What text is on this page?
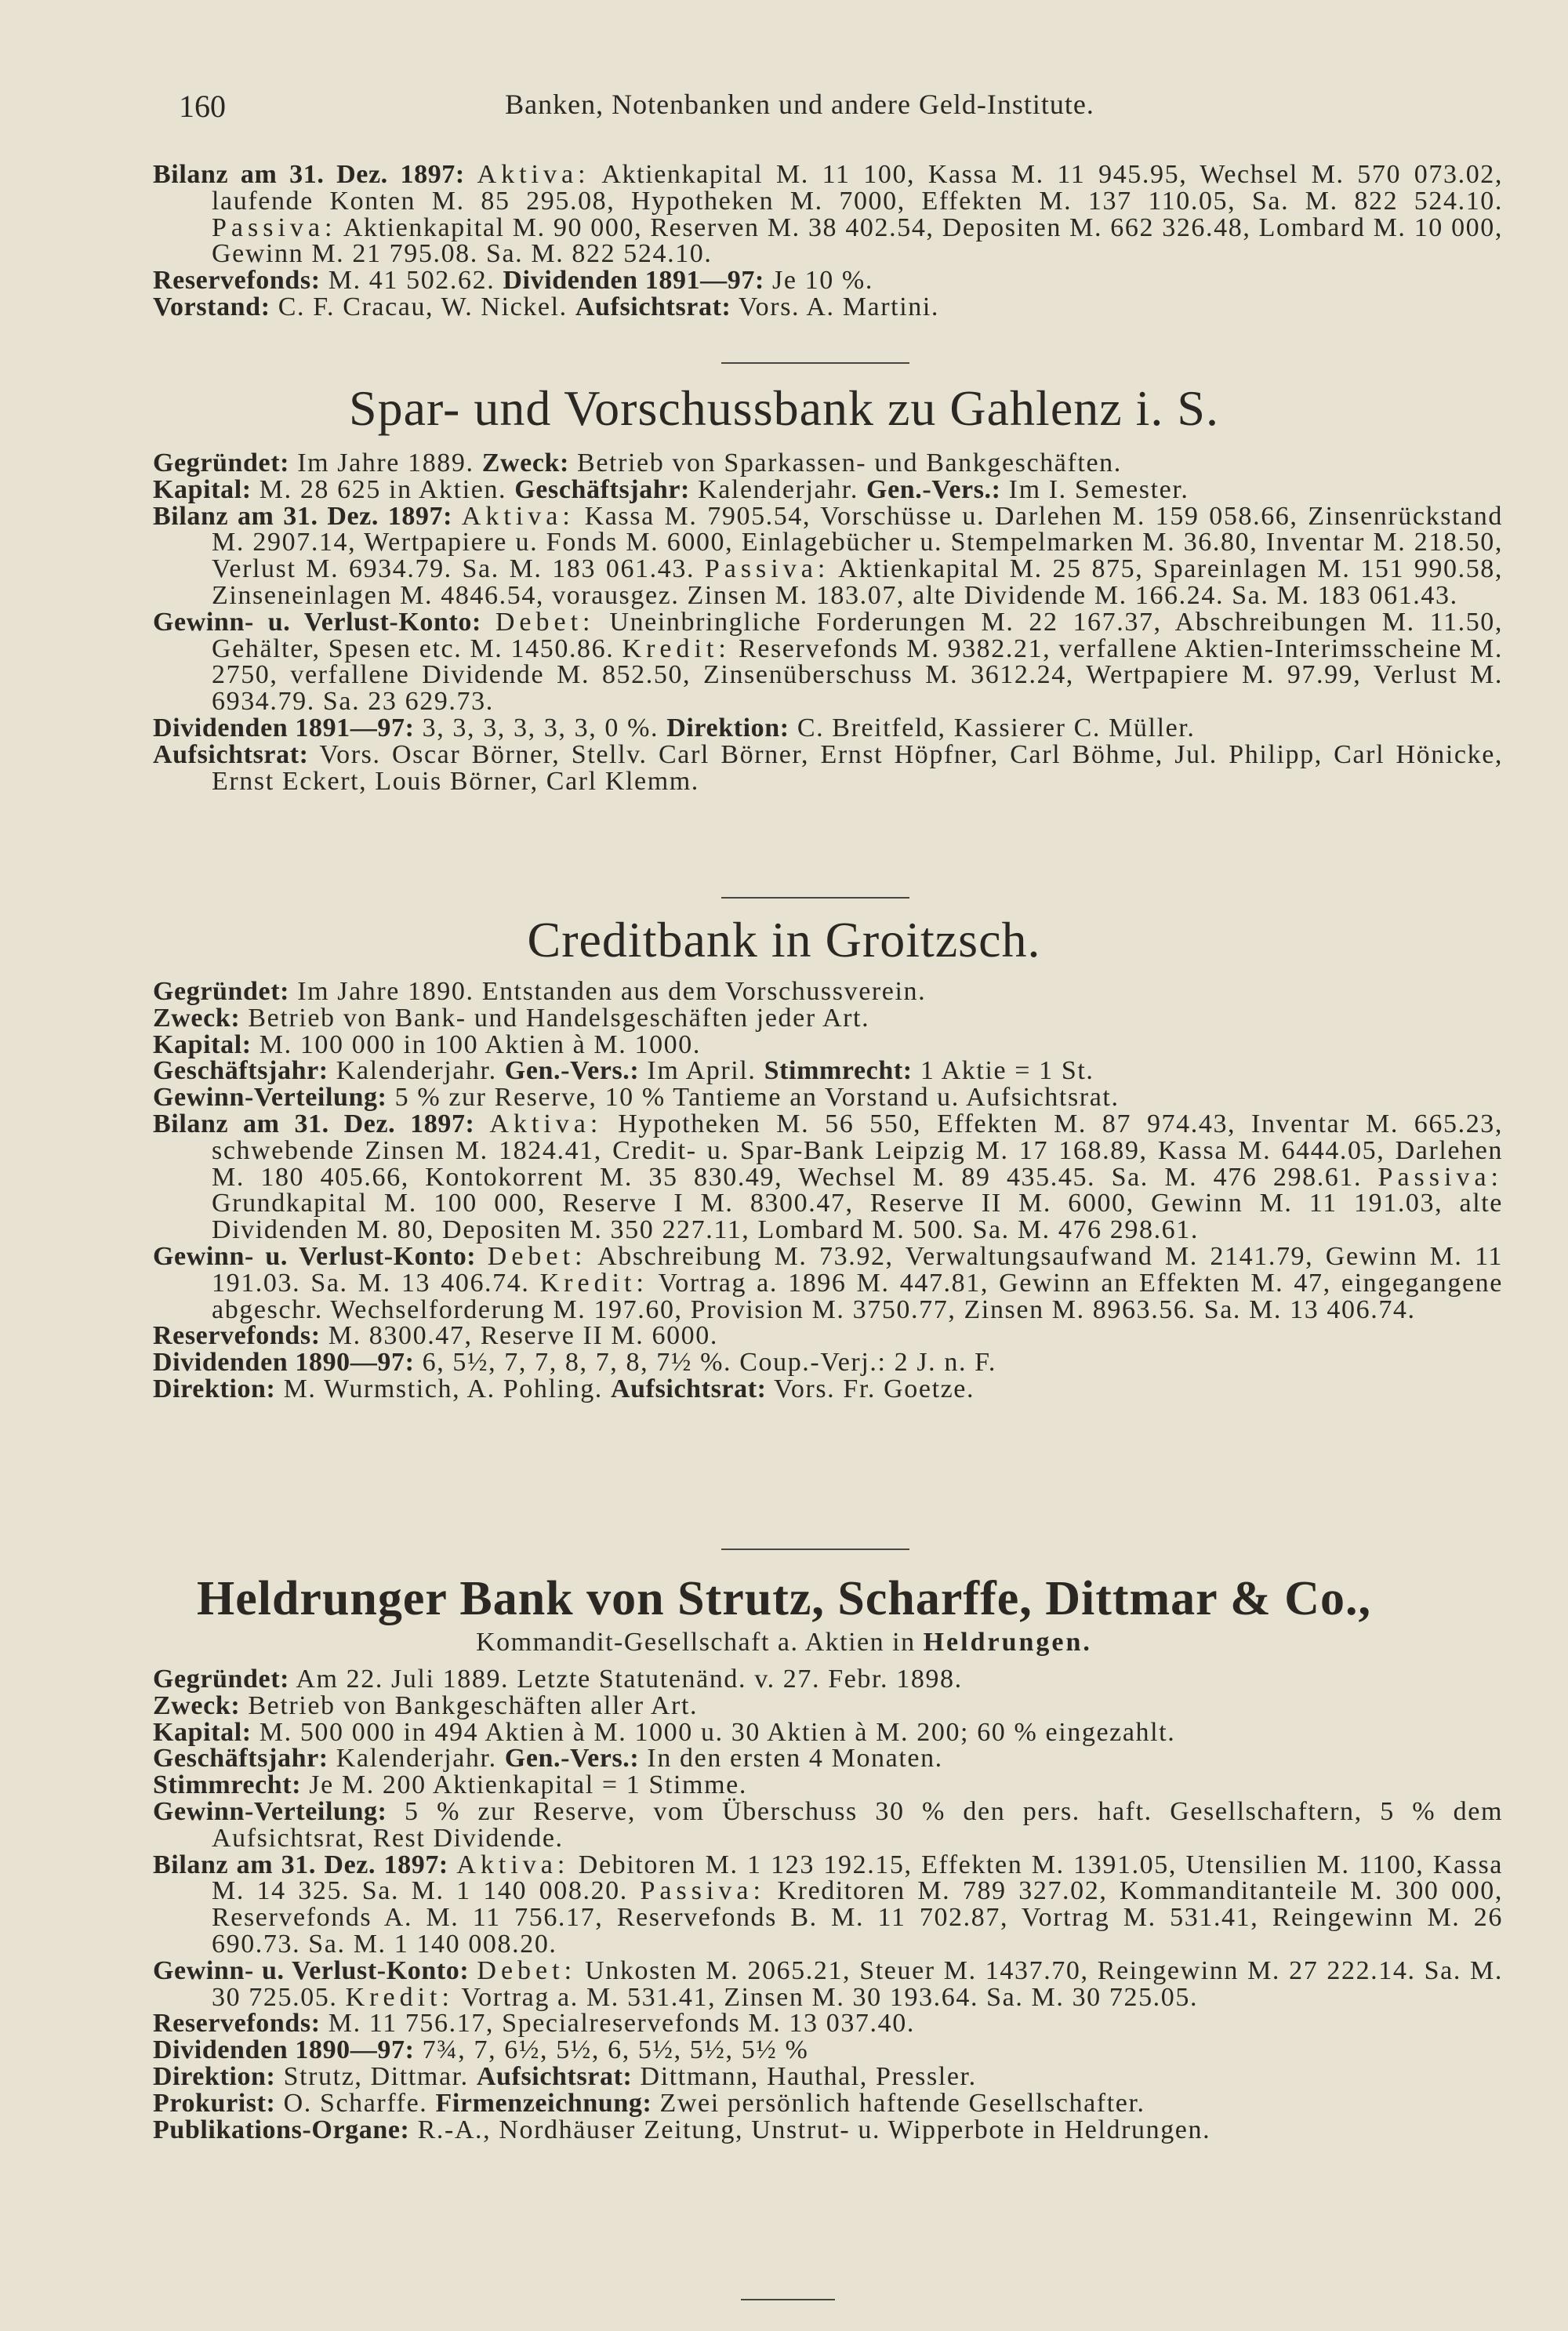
160	Banken, Notenbanken und andere Geld-Institute.

Bilanz am 31. Dez. 1897: Aktiva: Aktienkapital M. 11 100, Kassa M. 11 945.95, Wechsel M. 570 073.02, laufende Konten M. 85 295.08, Hypotheken M. 7000, Effekten M. 137 110.05, Sa. M. 822 524.10. Passiva: Aktienkapital M. 90 000, Reserven M. 38 402.54, Depositen M. 662 326.48, Lombard M. 10 000, Gewinn M. 21 795.08. Sa. M. 822 524.10.

Reservefonds: M. 41 502.62. Dividenden 1891—97: Je 10 %.

Vorstand: C. F. Cracau, W. Nickel. Aufsichtsrat: Vors. A. Martini.

Spar- und Vorschussbank zu Gahlenz i. S.

Gegründet: Im Jahre 1889. Zweck: Betrieb von Sparkassen- und Bankgeschäften.

Kapital: M. 28 625 in Aktien. Geschäftsjahr: Kalenderjahr. Gen.-Vers.: Im I. Semester.

Bilanz am 31. Dez. 1897: Aktiva: Kassa M. 7905.54, Vorschüsse u. Darlehen M. 159 058.66, Zinsenrückstand M. 2907.14, Wertpapiere u. Fonds M. 6000, Einlagebücher u. Stempelmarken M. 36.80, Inventar M. 218.50, Verlust M. 6934.79. Sa. M. 183 061.43. Passiva: Aktienkapital M. 25 875, Spareinlagen M. 151 990.58, Zinseneinlagen M. 4846.54, vorausgez. Zinsen M. 183.07, alte Dividende M. 166.24. Sa. M. 183 061.43.

Gewinn- u. Verlust-Konto: Debet: Uneinbringliche Forderungen M. 22 167.37, Abschreibungen M. 11.50, Gehälter, Spesen etc. M. 1450.86. Kredit: Reservefonds M. 9382.21, verfallene Aktien-Interimsscheine M. 2750, verfallene Dividende M. 852.50, Zinsenüberschuss M. 3612.24, Wertpapiere M. 97.99, Verlust M. 6934.79. Sa. 23 629.73.

Dividenden 1891—97: 3, 3, 3, 3, 3, 3, 0 %. Direktion: C. Breitfeld, Kassierer C. Müller.

Aufsichtsrat: Vors. Oscar Börner, Stellv. Carl Börner, Ernst Höpfner, Carl Böhme, Jul. Philipp, Carl Hönicke, Ernst Eckert, Louis Börner, Carl Klemm.

Creditbank in Groitzsch.

Gegründet: Im Jahre 1890. Entstanden aus dem Vorschussverein.

Zweck: Betrieb von Bank- und Handelsgeschäften jeder Art.

Kapital: M. 100 000 in 100 Aktien à M. 1000.

Geschäftsjahr: Kalenderjahr. Gen.-Vers.: Im April. Stimmrecht: 1 Aktie = 1 St.

Gewinn-Verteilung: 5 % zur Reserve, 10 % Tantieme an Vorstand u. Aufsichtsrat.

Bilanz am 31. Dez. 1897: Aktiva: Hypotheken M. 56 550, Effekten M. 87 974.43, Inventar M. 665.23, schwebende Zinsen M. 1824.41, Credit- u. Spar-Bank Leipzig M. 17 168.89, Kassa M. 6444.05, Darlehen M. 180 405.66, Kontokorrent M. 35 830.49, Wechsel M. 89 435.45. Sa. M. 476 298.61. Passiva: Grundkapital M. 100 000, Reserve I M. 8300.47, Reserve II M. 6000, Gewinn M. 11 191.03, alte Dividenden M. 80, Depositen M. 350 227.11, Lombard M. 500. Sa. M. 476 298.61.

Gewinn- u. Verlust-Konto: Debet: Abschreibung M. 73.92, Verwaltungsaufwand M. 2141.79, Gewinn M. 11 191.03. Sa. M. 13 406.74. Kredit: Vortrag a. 1896 M. 447.81, Gewinn an Effekten M. 47, eingegangene abgeschr. Wechselforderung M. 197.60, Provision M. 3750.77, Zinsen M. 8963.56. Sa. M. 13 406.74.

Reservefonds: M. 8300.47, Reserve II M. 6000.

Dividenden 1890—97: 6, 5½, 7, 7, 8, 7, 8, 7½ %. Coup.-Verj.: 2 J. n. F.

Direktion: M. Wurmstich, A. Pohling. Aufsichtsrat: Vors. Fr. Goetze.

Heldrunger Bank von Strutz, Scharffe, Dittmar & Co.,
Kommandit-Gesellschaft a. Aktien in Heldrungen.

Gegründet: Am 22. Juli 1889. Letzte Statutenänd. v. 27. Febr. 1898.

Zweck: Betrieb von Bankgeschäften aller Art.

Kapital: M. 500 000 in 494 Aktien à M. 1000 u. 30 Aktien à M. 200; 60 % eingezahlt.

Geschäftsjahr: Kalenderjahr. Gen.-Vers.: In den ersten 4 Monaten.

Stimmrecht: Je M. 200 Aktienkapital = 1 Stimme.

Gewinn-Verteilung: 5 % zur Reserve, vom Überschuss 30 % den pers. haft. Gesellschaftern, 5 % dem Aufsichtsrat, Rest Dividende.

Bilanz am 31. Dez. 1897: Aktiva: Debitoren M. 1 123 192.15, Effekten M. 1391.05, Utensilien M. 1100, Kassa M. 14 325. Sa. M. 1 140 008.20. Passiva: Kreditoren M. 789 327.02, Kommanditanteile M. 300 000, Reservefonds A. M. 11 756.17, Reservefonds B. M. 11 702.87, Vortrag M. 531.41, Reingewinn M. 26 690.73. Sa. M. 1 140 008.20.

Gewinn- u. Verlust-Konto: Debet: Unkosten M. 2065.21, Steuer M. 1437.70, Reingewinn M. 27 222.14. Sa. M. 30 725.05. Kredit: Vortrag a. M. 531.41, Zinsen M. 30 193.64. Sa. M. 30 725.05.

Reservefonds: M. 11 756.17, Specialreservefonds M. 13 037.40.

Dividenden 1890—97: 7¾, 7, 6½, 5½, 6, 5½, 5½, 5½ %

Direktion: Strutz, Dittmar. Aufsichtsrat: Dittmann, Hauthal, Pressler.

Prokurist: O. Scharffe. Firmenzeichnung: Zwei persönlich haftende Gesellschafter.

Publikations-Organe: R.-A., Nordhäuser Zeitung, Unstrut- u. Wipperbote in Heldrungen.
